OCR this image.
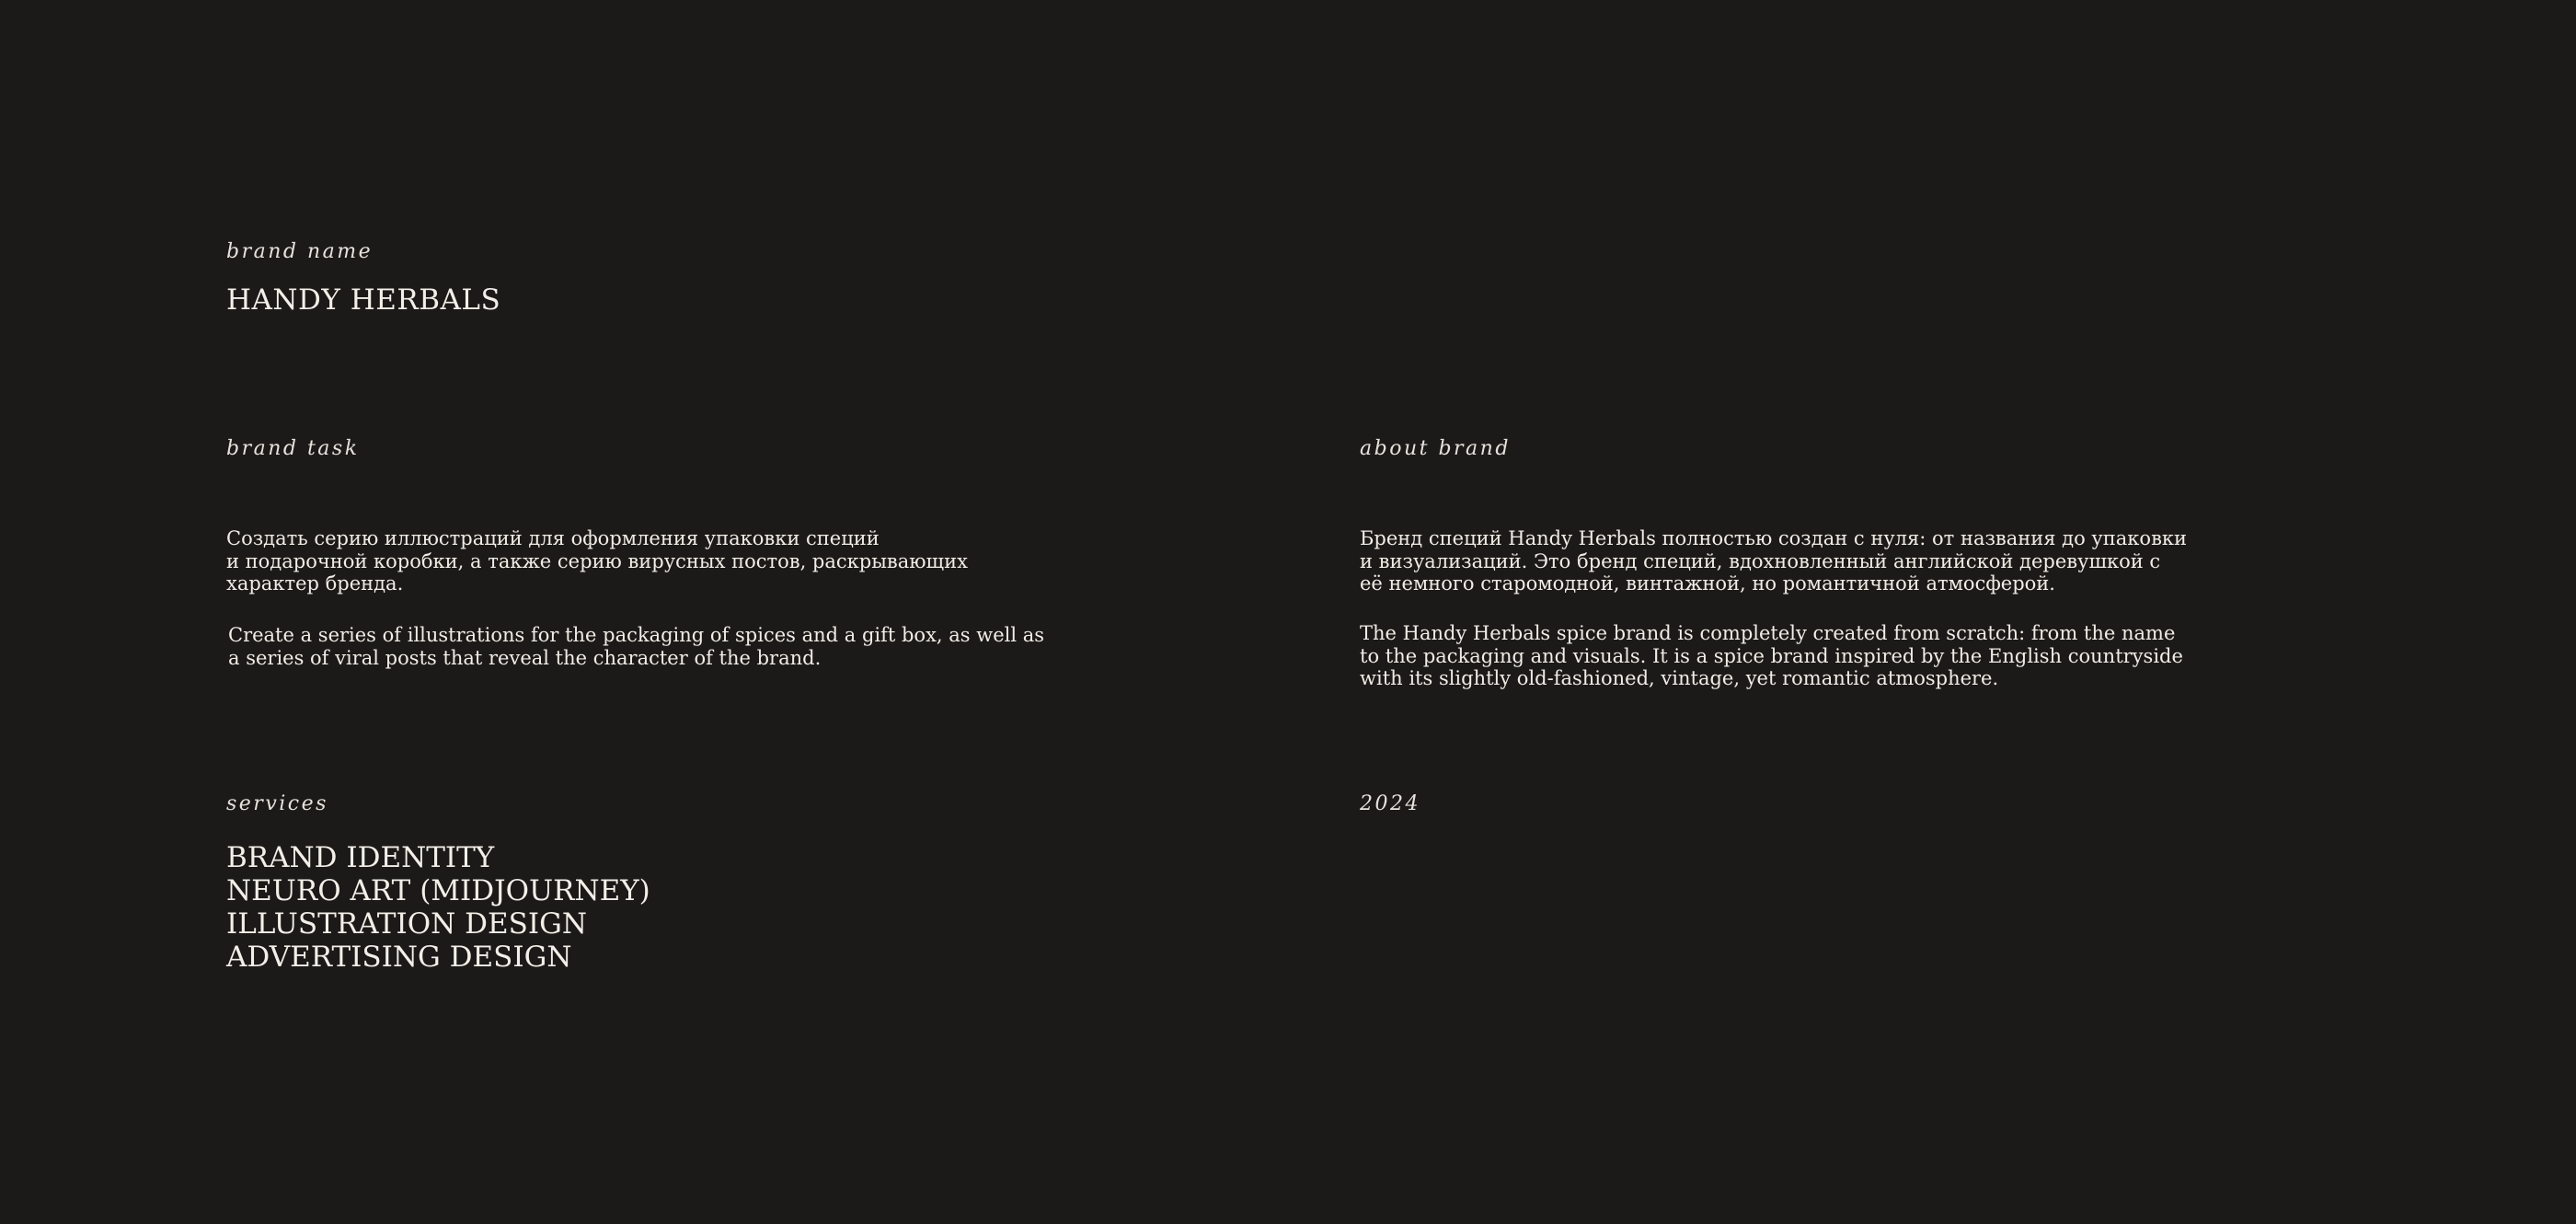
brand name
HANDY HERBALS
brand task
Создать серию иллюстраций для оформления упаковки специй
и подарочной коробки, а также серию вирусных постов, раскрывающих
характер бренда.
Create a series of illustrations for the packaging of spices and a gift box, as well as
a series of viral posts that reveal the character of the brand.
about brand
Бренд специй Handy Herbals полностью создан с нуля: от названия до упаковки
и визуализаций. Это бренд специй, вдохновленный английской деревушкой с
её немного старомодной, винтажной, но романтичной атмосферой.
The Handy Herbals spice brand is completely created from scratch: from the name
to the packaging and visuals. It is a spice brand inspired by the English countryside
with its slightly old-fashioned, vintage, yet romantic atmosphere.
services
BRAND IDENTITY
NEURO ART (MIDJOURNEY)
ILLUSTRATION DESIGN
ADVERTISING DESIGN
2024
